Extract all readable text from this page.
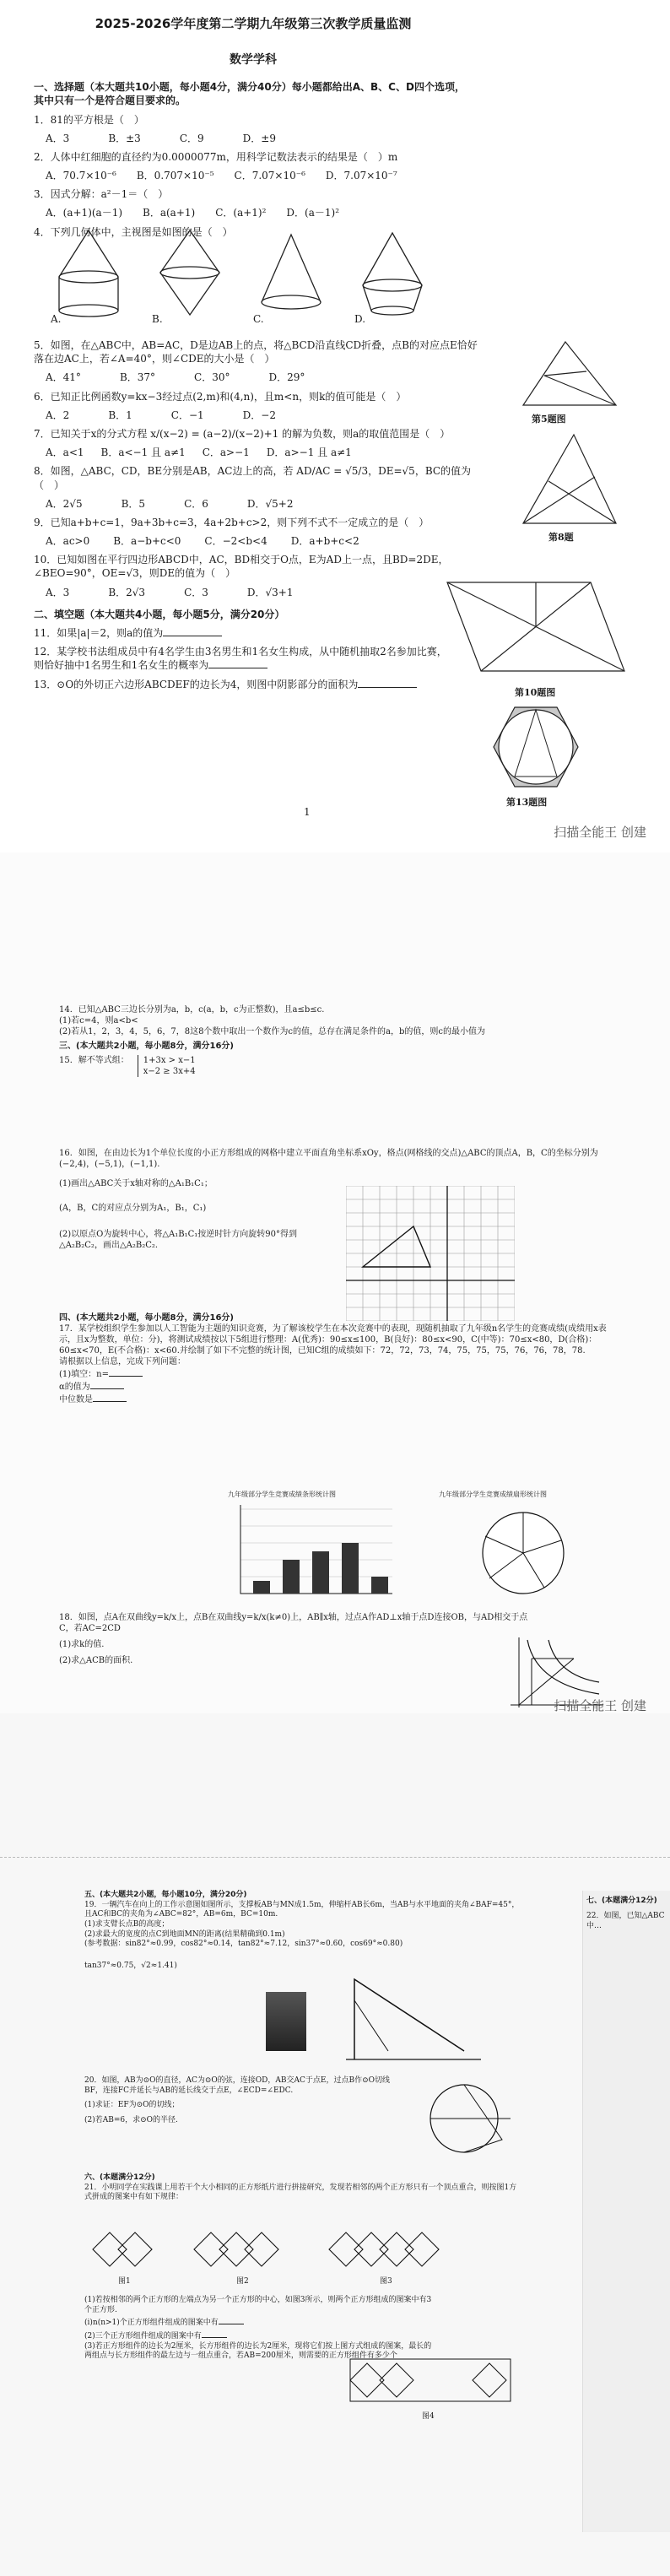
2025-2026学年度第二学期九年级第三次教学质量监测
数学学科
一、选择题（本大题共10小题，每小题4分，满分40分）每小题都给出A、B、C、D四个选项，其中只有一个是符合题目要求的。
1．81的平方根是（　）
A．3	B．±3	C．9	D．±9
2．人体中红细胞的直径约为0.0000077m，用科学记数法表示的结果是（　）m
A．70.7×10⁻⁶ B．0.707×10⁻⁵ C．7.07×10⁻⁶ D．7.07×10⁻⁷
3．因式分解：a²－1＝（　）
A．(a+1)(a－1) B．a(a+1) C．(a+1)² D．(a－1)²
4．下列几何体中，主视图是如图的是（　）
A.	B.	C.	D.
5．如图，在△ABC中，AB=AC，D是边AB上的点，将△BCD沿直线CD折叠，点B的对应点E恰好落在边AC上，若∠A=40°，则∠CDE的大小是（　）
A．41°	B．37°	C．30°	D．29°
6．已知正比例函数y=kx−3经过点(2,m)和(4,n)，且m<n，则k的值可能是（　）
A．2	B．1	C．−1	D．−2
7．已知关于x的分式方程 x/(x−2) = (a−2)/(x−2)+1 的解为负数，则a的取值范围是（　）
A．a<1 B．a<−1 且 a≠1 C．a>−1 D．a>−1 且 a≠1
8．如图，△ABC，CD，BE分别是AB，AC边上的高，若 AD/AC = √5/3，DE=√5，BC的值为（　）
A．2√5	B．5	C．6	D．√5+2
9．已知a+b+c=1，9a+3b+c=3，4a+2b+c>2，则下列不式不一定成立的是（　）
A．ac>0 B．a−b+c<0 C．−2<b<4 D．a+b+c<2
10．已知如图在平行四边形ABCD中，AC，BD相交于O点，E为AD上一点，且BD=2DE，∠BEO=90°，OE=√3，则DE的值为（　）
A．3	B．2√3	C．3	D．√3+1
二、填空题（本大题共4小题，每小题5分，满分20分）
11．如果|a|＝2，则a的值为
12．某学校书法组成员中有4名学生由3名男生和1名女生构成，从中随机抽取2名参加比赛，则恰好抽中1名男生和1名女生的概率为
13．⊙O的外切正六边形ABCDEF的边长为4，则图中阴影部分的面积为
第5题图
第8题
第10题图
第13题图
1
扫描全能王 创建
14．已知△ABC三边长分别为a，b，c(a，b，c为正整数)，且a≤b≤c.
(1)若c=4，则a<b<
(2)若从1，2，3，4，5，6，7，8这8个数中取出一个数作为c的值，总存在满足条件的a，b的值，则c的最小值为
三、(本大题共2小题，每小题8分，满分16分)
15．解不等式组： 1+3x > x−1
x−2 ≥ 3x+4
16．如图，在由边长为1个单位长度的小正方形组成的网格中建立平面直角坐标系xOy，格点(网格线的交点)△ABC的顶点A，B，C的坐标分别为(−2,4)，(−5,1)，(−1,1).
(1)画出△ABC关于x轴对称的△A₁B₁C₁；
(A，B，C的对应点分别为A₁，B₁，C₁)
(2)以原点O为旋转中心，将△A₁B₁C₁按逆时针方向旋转90°得到△A₂B₂C₂，画出△A₂B₂C₂.
四、(本大题共2小题，每小题8分，满分16分)
17．某学校组织学生参加以人工智能为主题的知识竞赛，为了解该校学生在本次竞赛中的表现，现随机抽取了九年级n名学生的竞赛成绩(成绩用x表示，且x为整数，单位：分)，将测试成绩按以下5组进行整理：A(优秀)：90≤x≤100，B(良好)：80≤x<90，C(中等)：70≤x<80，D(合格)：60≤x<70，E(不合格)：x<60.并绘制了如下不完整的统计图，已知C组的成绩如下：72，72，73，74，75，75，75，76，76，78，78.
请根据以上信息，完成下列问题：
(1)填空：n=
α的值为
中位数是
九年级部分学生竞赛成绩条形统计图	九年级部分学生竞赛成绩扇形统计图
18．如图，点A在双曲线y=k/x上，点B在双曲线y=k/x(k≠0)上，AB∥x轴，过点A作AD⊥x轴于点D连接OB，与AD相交于点C，若AC=2CD
(1)求k的值.
(2)求△ACB的面积.
扫描全能王 创建
五、(本大题共2小题，每小题10分，满分20分)
19．一辆汽车在向上的工作示意图如图所示，支撑板AB与MN成1.5m，伸缩杆AB长6m，当AB与水平地面的夹角∠BAF=45°，且AC和BC的夹角为∠ABC=82°，AB=6m，BC=10m.
(1)求支臂长点B的高度；
(2)求最大的宽度的点C到地面MN的距离(结果精确到0.1m)
(参考数据：sin82°≈0.99，cos82°≈0.14，tan82°≈7.12，sin37°≈0.60，cos69°≈0.80)
tan37°≈0.75，√2≈1.41)
20．如图，AB为⊙O的直径，AC为⊙O的弦，连接OD，AB交AC于点E，过点B作⊙O切线BF，连接FC并延长与AB的延长线交于点E，∠ECD=∠EDC.
(1)求证：EF为⊙O的切线；
(2)若AB=6，求⊙O的半径.
六、(本题满分12分)
21．小明同学在实践课上用若干个大小相同的正方形纸片进行拼接研究，发现若相邻的两个正方形只有一个顶点重合，则按图1方式拼成的图案中有如下规律：
图1	图2	图3
(1)若按相邻的两个正方形的左端点为另一个正方形的中心，如图3所示，则两个正方形组成的图案中有3个正方形.
(i)n(n>1)个正方形组件组成的图案中有
(2)三个正方形组件组成的图案中有
(3)若正方形组件的边长为2厘米，长方形组件的边长为2厘米，现将它们按上图方式组成的图案，最长的两组点与长方形组件的最左边与一组点重合，若AB=200厘米，则需要的正方形组件有多少个
图4
七、(本题满分12分)
22．如图，已知△ABC中…
